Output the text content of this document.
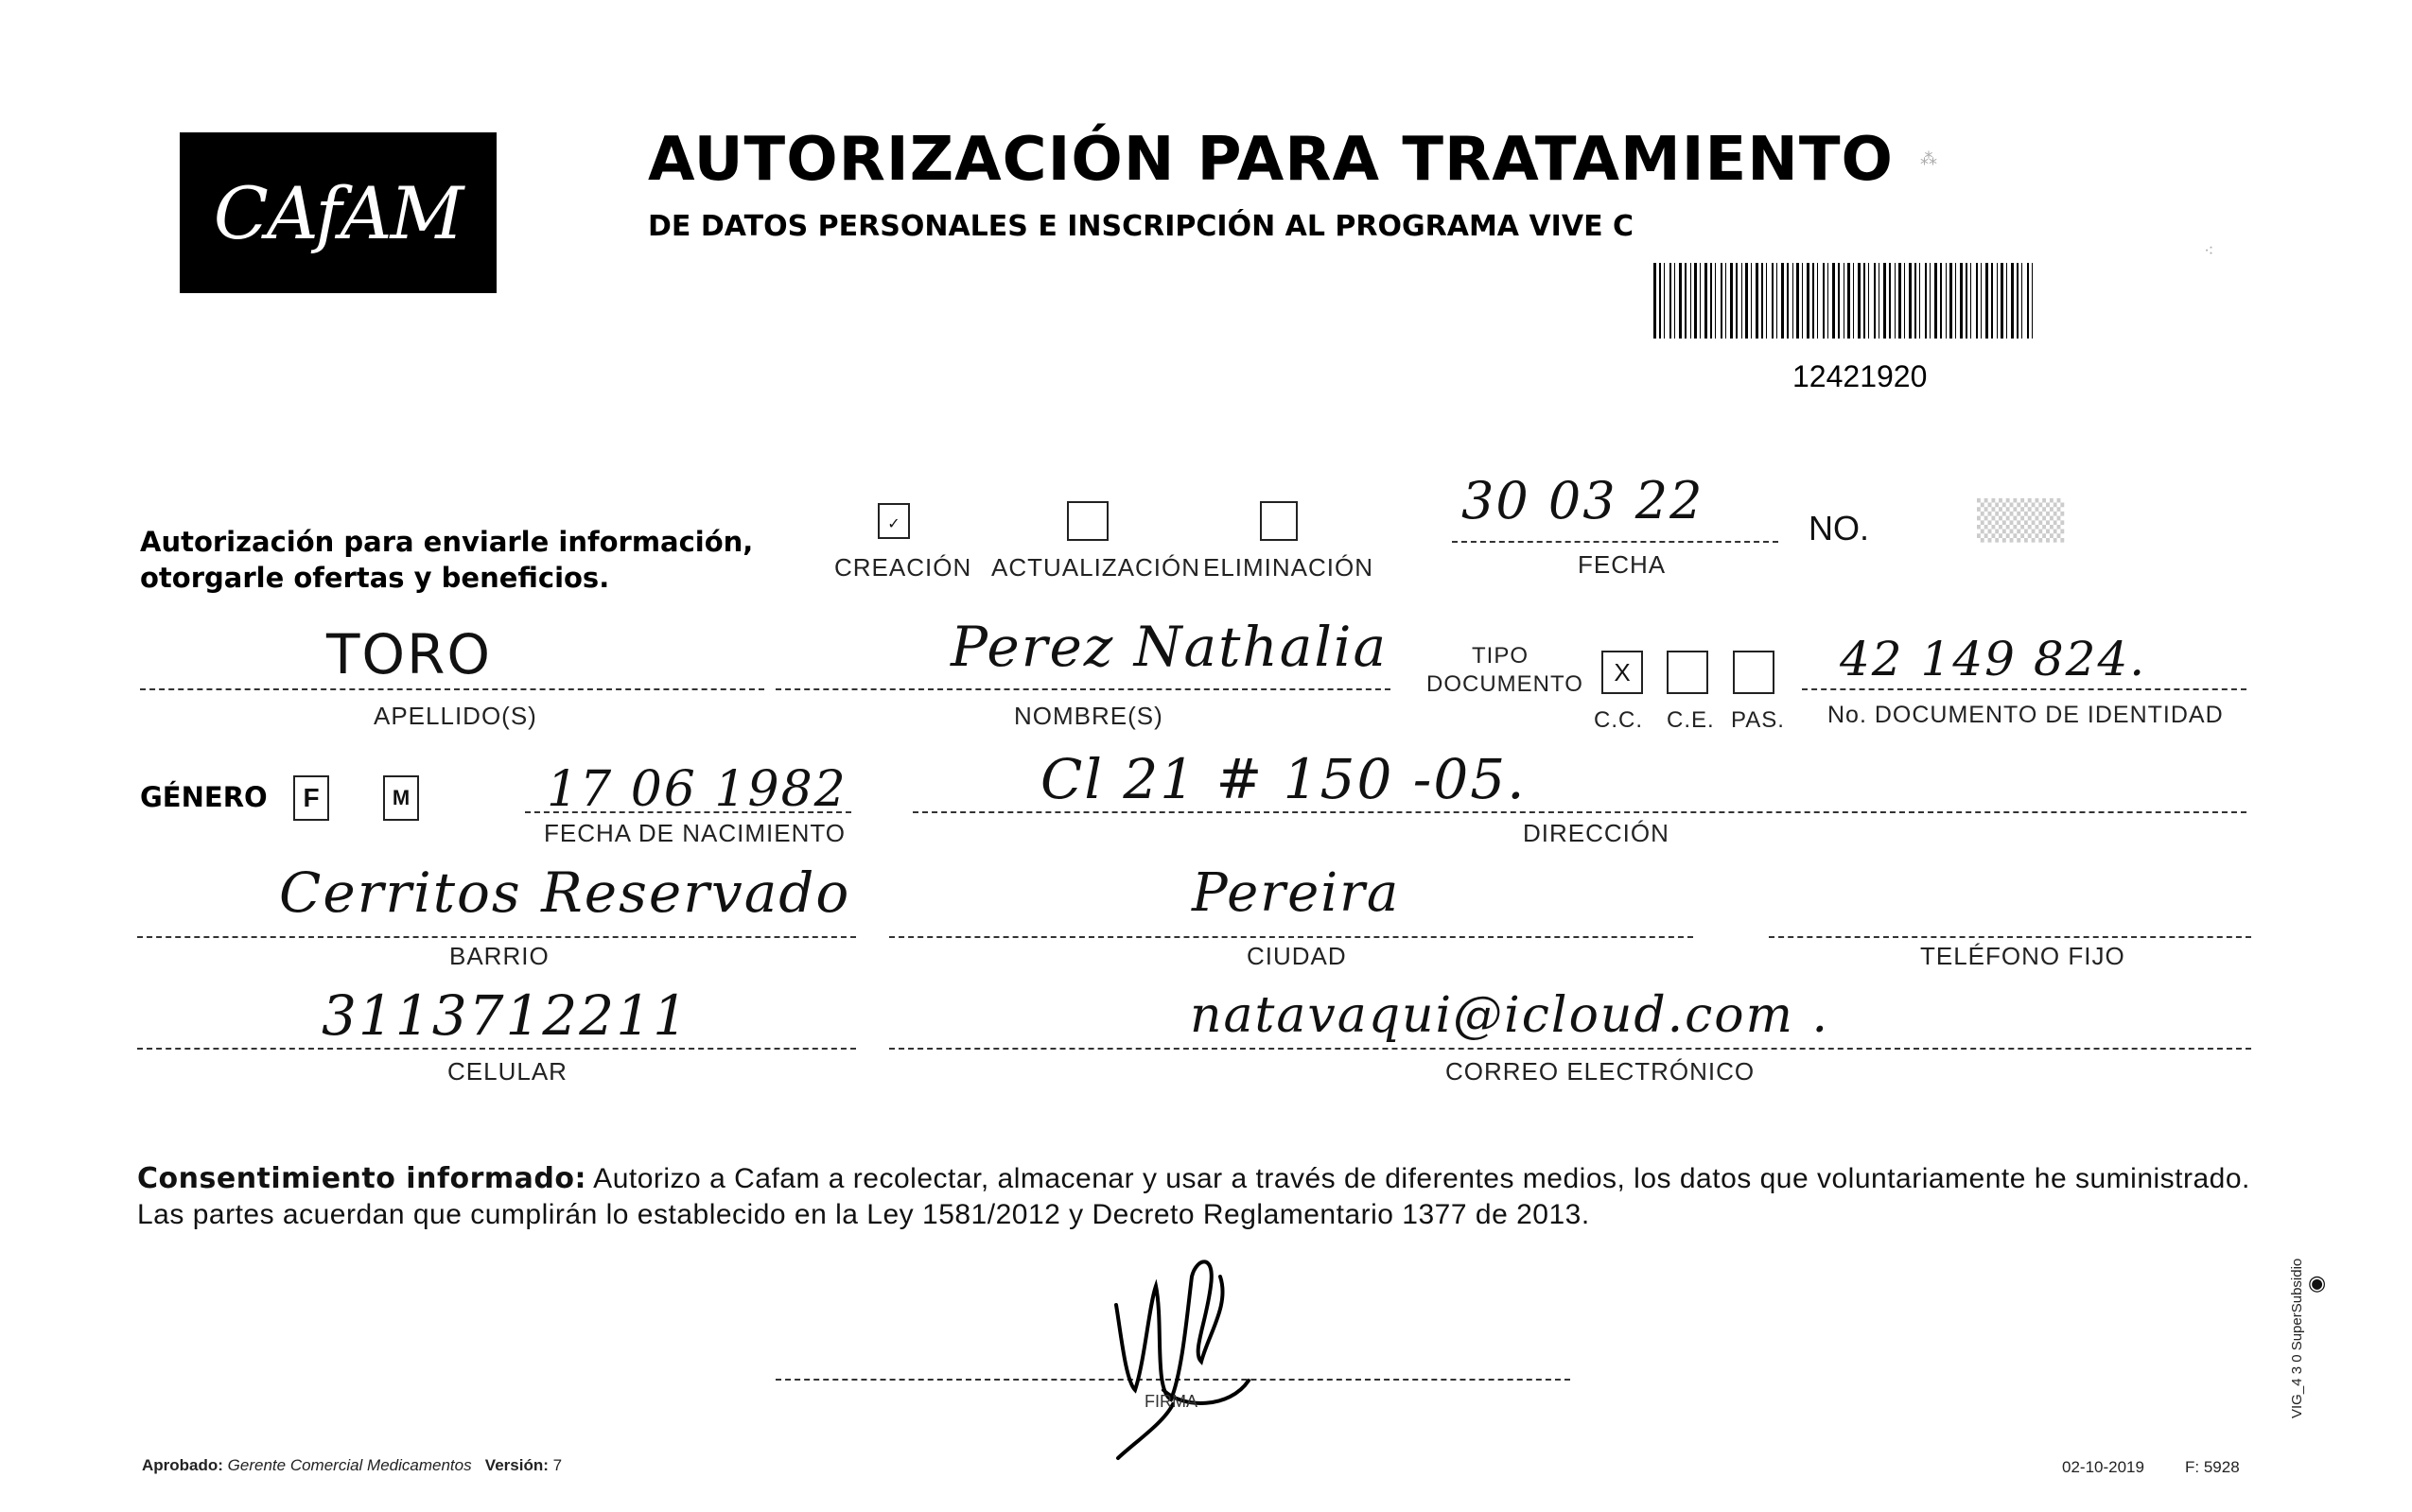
CAfAM
AUTORIZACIÓN PARA TRATAMIENTO
DE DATOS PERSONALES E INSCRIPCIÓN AL PROGRAMA VIVE C
⁂
⁖
12421920
Autorización para enviarle información,
otorgarle ofertas y beneficios.
✓
CREACIÓN ACTUALIZACIÓN ELIMINACIÓN
30 03 22
FECHA
NO.	▒▒▒
TORO
APELLIDO(S)
Perez Nathalia
NOMBRE(S)
TIPO
DOCUMENTO	X
C.C. C.E. PAS.
42 149 824.
No. DOCUMENTO DE IDENTIDAD
GÉNERO	F	M	17 06 1982
FECHA DE NACIMIENTO
Cl 21 # 150 -05.
DIRECCIÓN
Cerritos Reservado
BARRIO
Pereira
CIUDAD	TELÉFONO FIJO
3113712211
CELULAR
natavaqui@icloud.com .
CORREO ELECTRÓNICO
Consentimiento informado: Autorizo a Cafam a recolectar, almacenar y usar a través de diferentes medios, los datos que voluntariamente he suministrado. Las partes acuerdan que cumplirán lo establecido en la Ley 1581/2012 y Decreto Reglamentario 1377 de 2013.
FIRMA
Aprobado: Gerente Comercial Medicamentos Versión: 7	02-10-2019	F: 5928
VIG_4 3 0 SuperSubsidio ◉
